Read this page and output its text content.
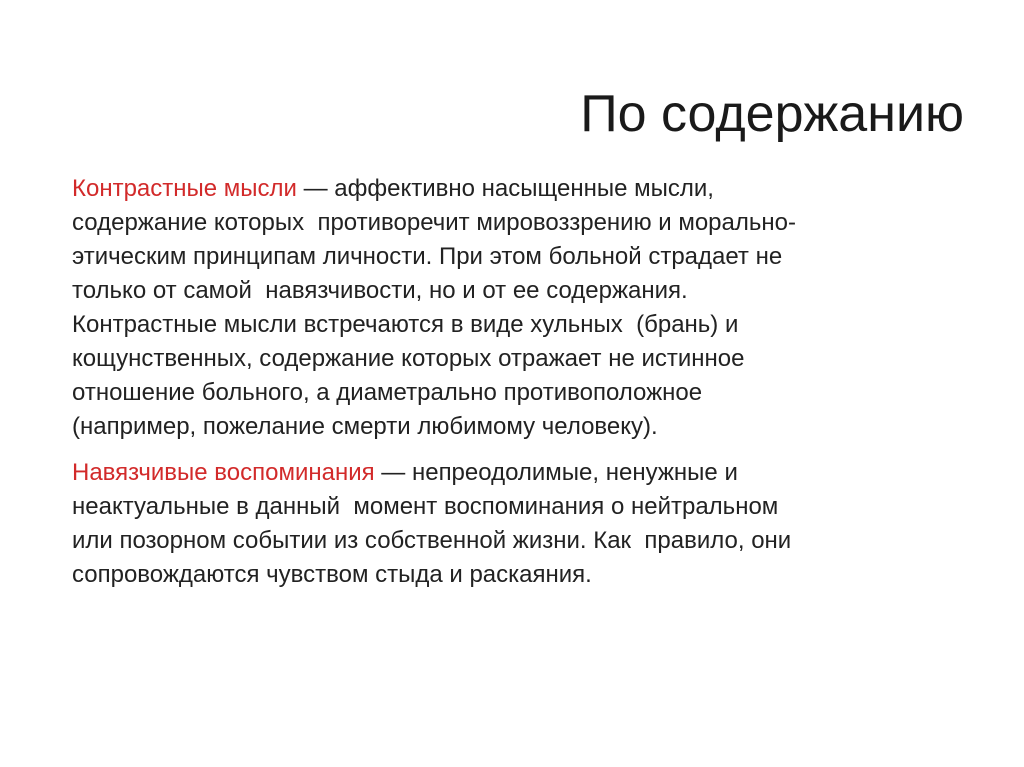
По содержанию

Контрастные мысли — аффективно насыщенные мысли,
содержание которых  противоречит мировоззрению и морально-
этическим принципам личности. При этом больной страдает не
только от самой  навязчивости, но и от ее содержания.
Контрастные мысли встречаются в виде хульных  (брань) и
кощунственных, содержание которых отражает не истинное
отношение больного, а диаметрально противоположное
(например, пожелание смерти любимому человеку).

Навязчивые воспоминания — непреодолимые, ненужные и
неактуальные в данный  момент воспоминания о нейтральном
или позорном событии из собственной жизни. Как  правило, они
сопровождаются чувством стыда и раскаяния.
